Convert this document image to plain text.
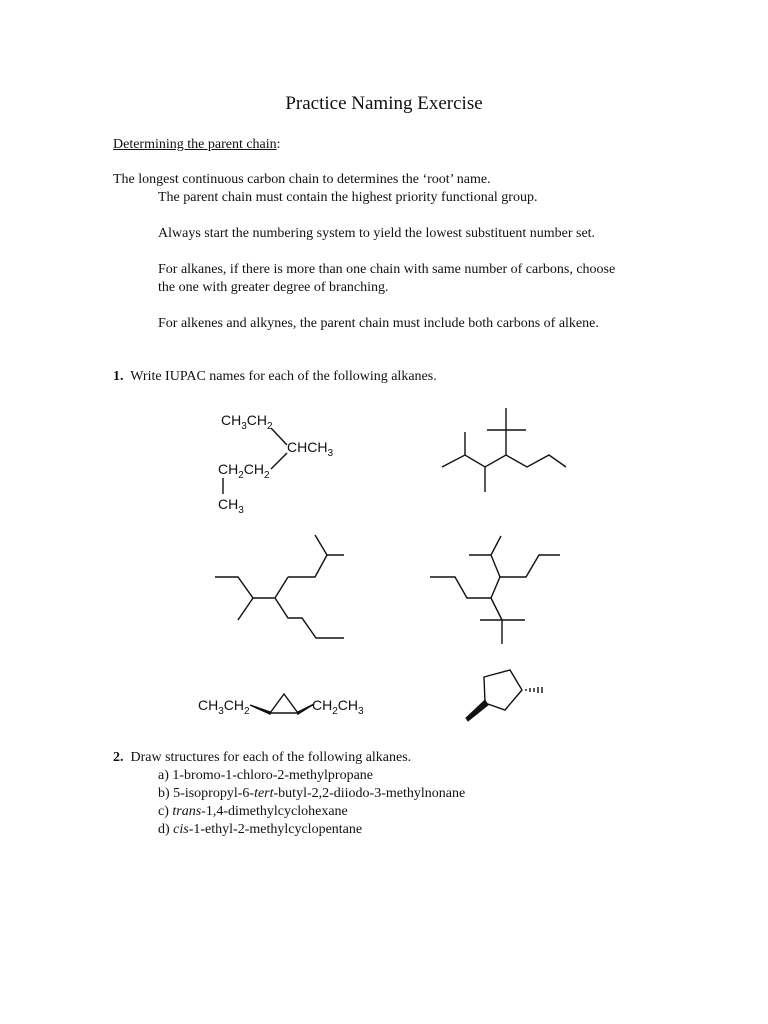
Practice Naming Exercise
Determining the parent chain:
The longest continuous carbon chain to determines the ‘root’ name.
The parent chain must contain the highest priority functional group.
Always start the numbering system to yield the lowest substituent number set.
For alkanes, if there is more than one chain with same number of carbons, choose
the one with greater degree of branching.
For alkenes and alkynes, the parent chain must include both carbons of alkene.
1. Write IUPAC names for each of the following alkanes.
$CH_3CH_2$
$CHCH_3$
$CH_2CH_2$
$CH_3$
$CH_3CH_2$	$CH_2CH_3$
2. Draw structures for each of the following alkanes.
a) 1-bromo-1-chloro-2-methylpropane
b) 5-isopropyl-6-tert-butyl-2,2-diiodo-3-methylnonane
c) trans-1,4-dimethylcyclohexane
d) cis-1-ethyl-2-methylcyclopentane
